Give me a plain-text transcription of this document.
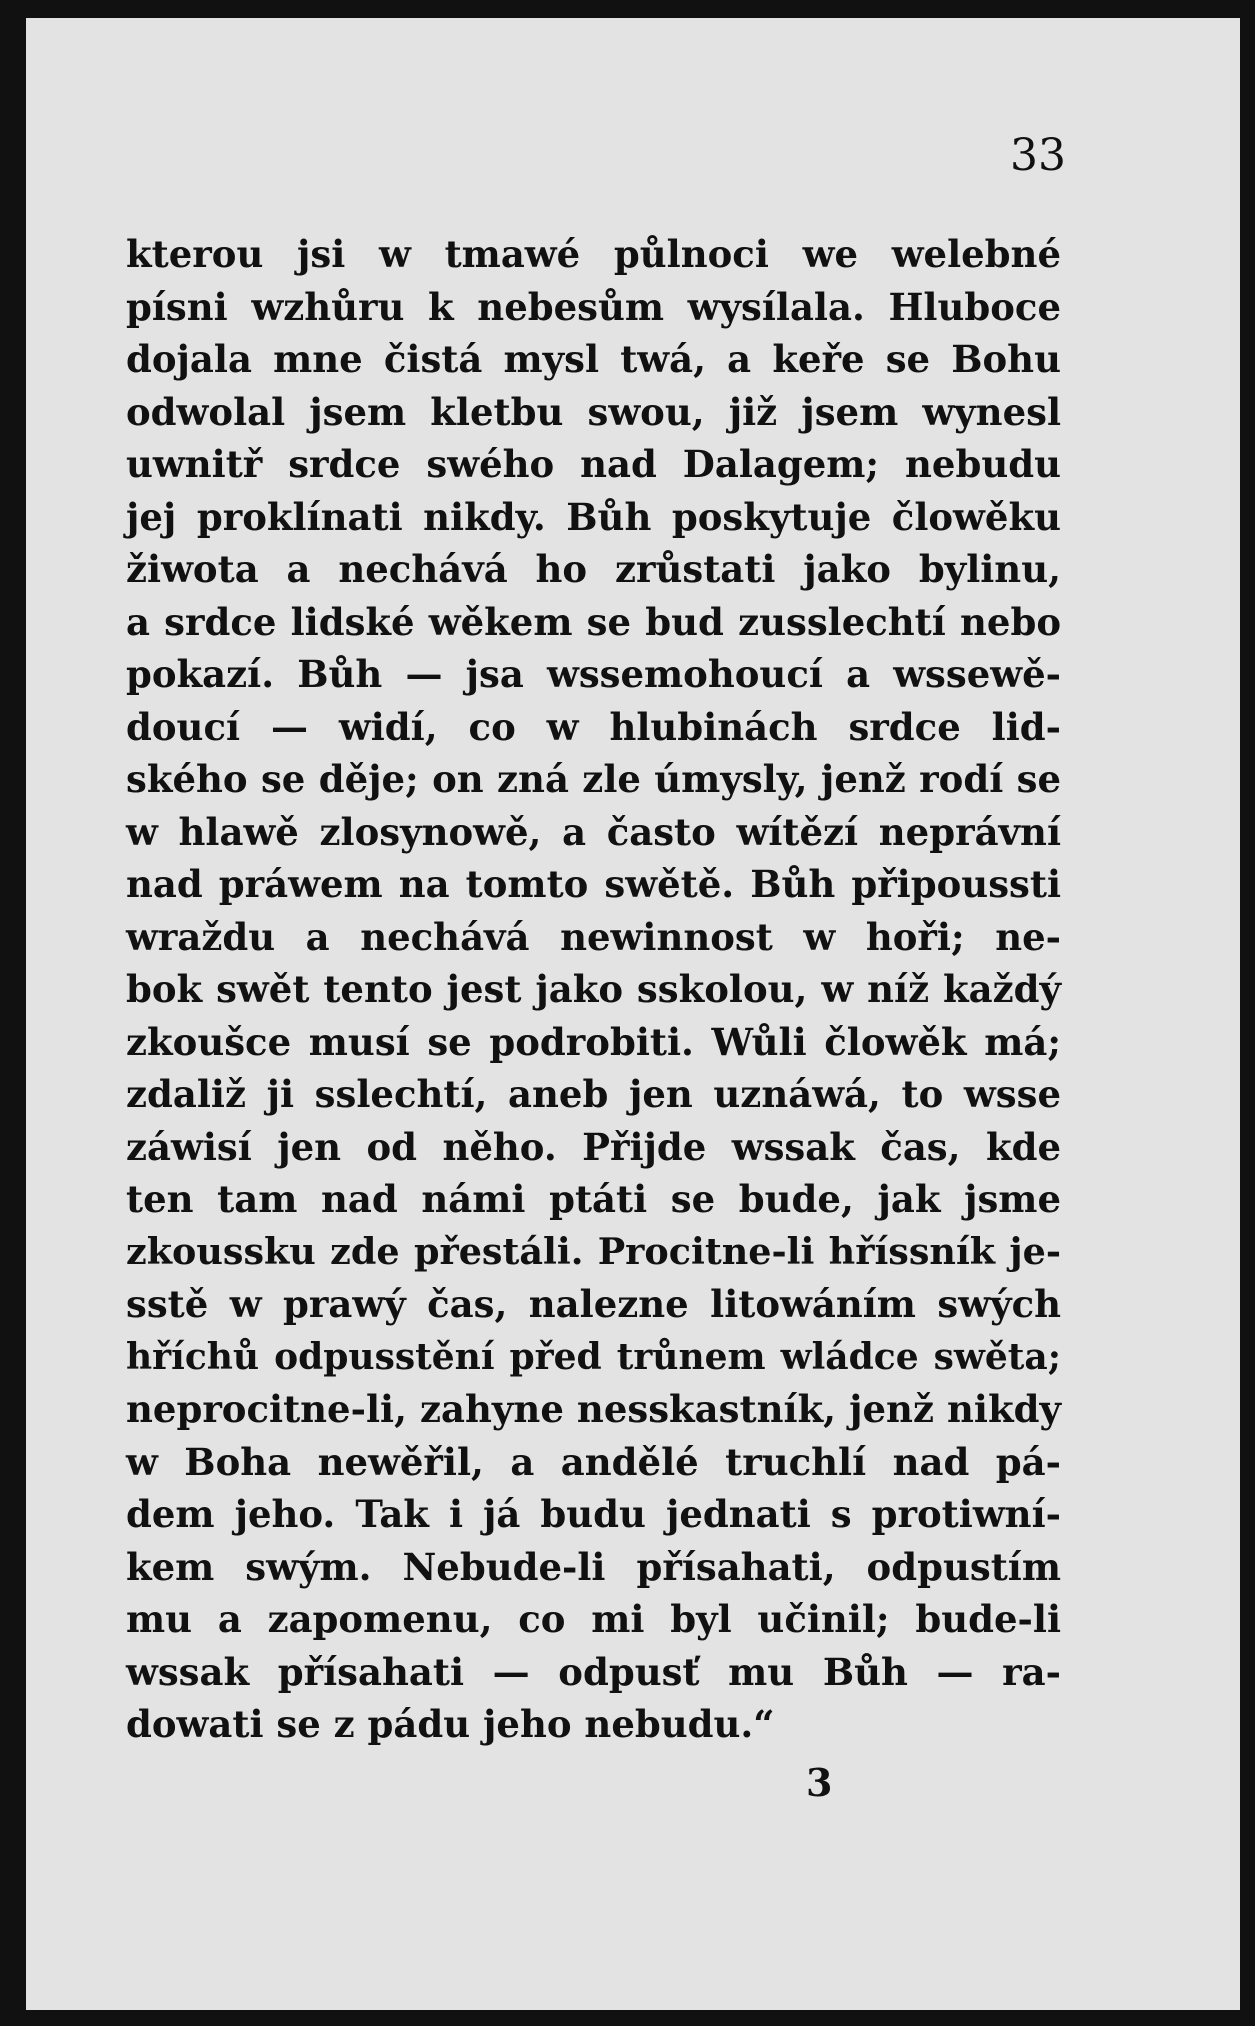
33
kterou jsi w tmawé půlnoci we welebné
písni wzhůru k nebesům wysílala. Hluboce
dojala mne čistá mysl twá, a keře se Bohu
odwolal jsem kletbu swou, již jsem wynesl
uwnitř srdce swého nad Dalagem; nebudu
jej proklínati nikdy. Bůh poskytuje člowěku
žiwota a nechává ho zrůstati jako bylinu,
a srdce lidské wěkem se bud zusslechtí nebo
pokazí. Bůh — jsa wssemohoucí a wssewě-
doucí — widí, co w hlubinách srdce lid-
ského se děje; on zná zle úmysly, jenž rodí se
w hlawě zlosynowě, a často wítězí neprávní
nad práwem na tomto swětě. Bůh připoussti
wraždu a nechává newinnost w hoři; ne-
bok swět tento jest jako sskolou, w níž každý
zkoušce musí se podrobiti. Wůli člowěk má;
zdaliž ji sslechtí, aneb jen uznáwá, to wsse
záwisí jen od něho. Přijde wssak čas, kde
ten tam nad námi ptáti se bude, jak jsme
zkoussku zde přestáli. Procitne-li hříssník je-
sstě w prawý čas, nalezne litowáním swých
hříchů odpusstění před trůnem wládce swěta;
neprocitne-li, zahyne nesskastník, jenž nikdy
w Boha newěřil, a andělé truchlí nad pá-
dem jeho. Tak i já budu jednati s protiwní-
kem swým. Nebude-li přísahati, odpustím
mu a zapomenu, co mi byl učinil; bude-li
wssak přísahati — odpusť mu Bůh — ra-
dowati se z pádu jeho nebudu.“
3
